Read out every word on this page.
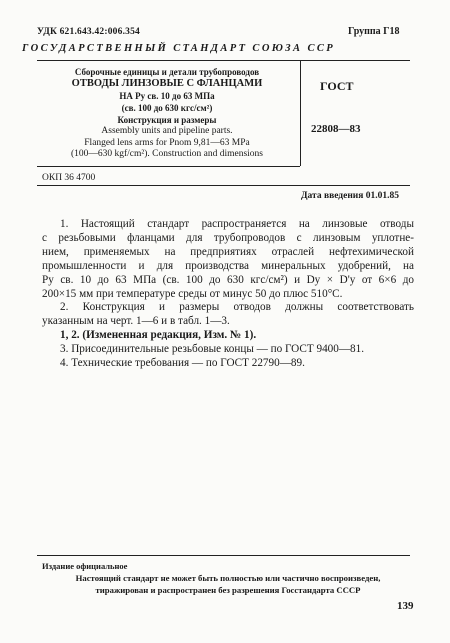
УДК 621.643.42:006.354	Группа Г18
ГОСУДАРСТВЕННЫЙ СТАНДАРТ СОЮЗА ССР
Сборочные единицы и детали трубопроводов
ОТВОДЫ ЛИНЗОВЫЕ С ФЛАНЦАМИ
НА Ру св. 10 до 63 МПа
(св. 100 до 630 кгс/см²)
Конструкция и размеры
Assembly units and pipeline parts.
Flanged lens arms for Pnom 9,81—63 MPa
(100—630 kgf/cm²). Construction and dimensions
ГОСТ
22808—83
ОКП 36 4700
Дата введения 01.01.85

1. Настоящий стандарт распространяется на линзовые отводы

с резьбовыми фланцами для трубопроводов с линзовым уплотне-

нием, применяемых на предприятиях отраслей нефтехимической

промышленности и для производства минеральных удобрений, на

Ру св. 10 до 63 МПа (св. 100 до 630 кгс/см²) и Dу × D'у от 6×6 до

200×15 мм при температуре среды от минус 50 до плюс 510°С.

2. Конструкция и размеры отводов должны соответствовать

указанным на черт. 1—6 и в табл. 1—3.

1, 2. (Измененная редакция, Изм. № 1).

3. Присоединительные резьбовые концы — по ГОСТ 9400—81.

4. Технические требования — по ГОСТ 22790—89.

Издание официальное
Настоящий стандарт не может быть полностью или частично воспроизведен,
тиражирован и распространен без разрешения Госстандарта СССР
139
